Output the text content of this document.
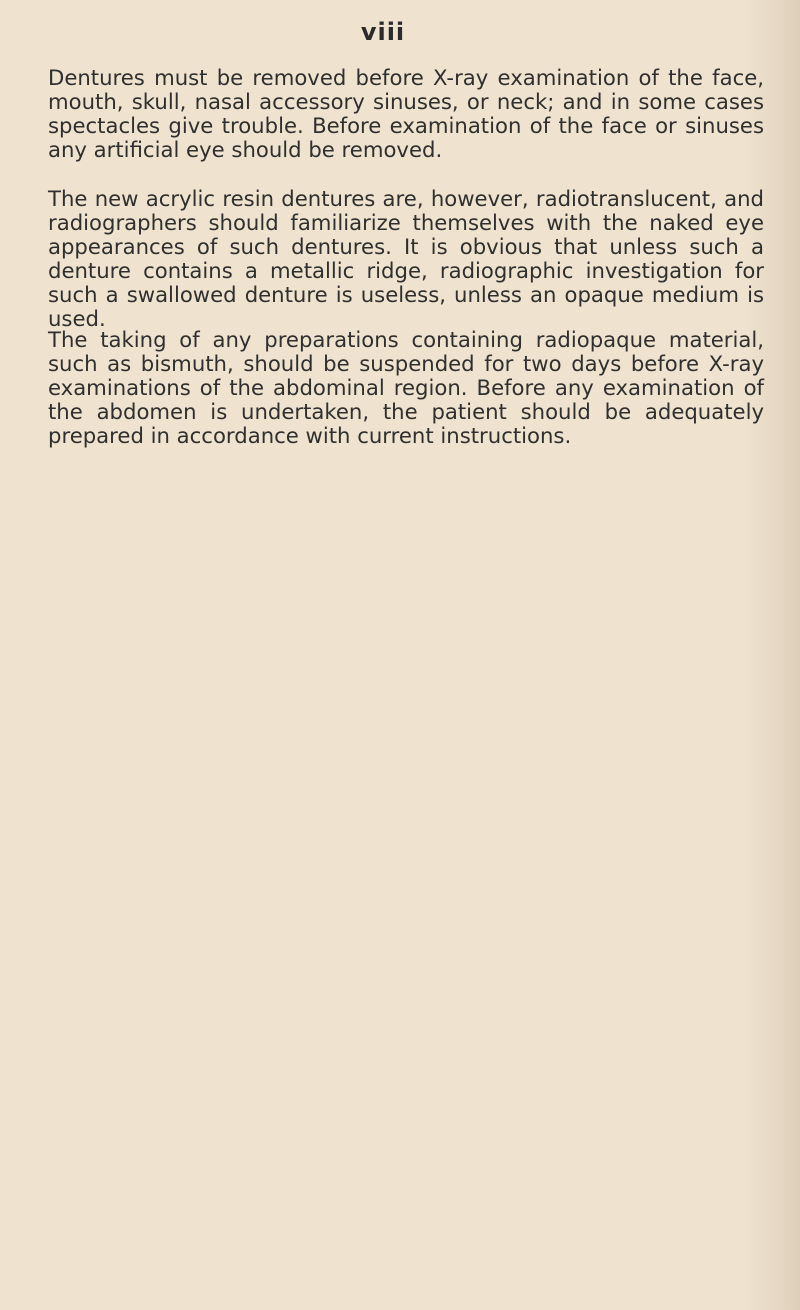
viii

Dentures must be removed before X-ray examination of the face, mouth, skull, nasal accessory sinuses, or neck; and in some cases spectacles give trouble. Before examination of the face or sinuses any artificial eye should be removed.

The new acrylic resin dentures are, however, radiotranslucent, and radiographers should familiarize themselves with the naked eye appearances of such dentures. It is obvious that unless such a denture contains a metallic ridge, radiographic investigation for such a swallowed denture is useless, unless an opaque medium is used.

The taking of any preparations containing radiopaque material, such as bismuth, should be suspended for two days before X-ray examinations of the abdominal region. Before any examination of the abdomen is undertaken, the patient should be adequately prepared in accordance with current instructions.
